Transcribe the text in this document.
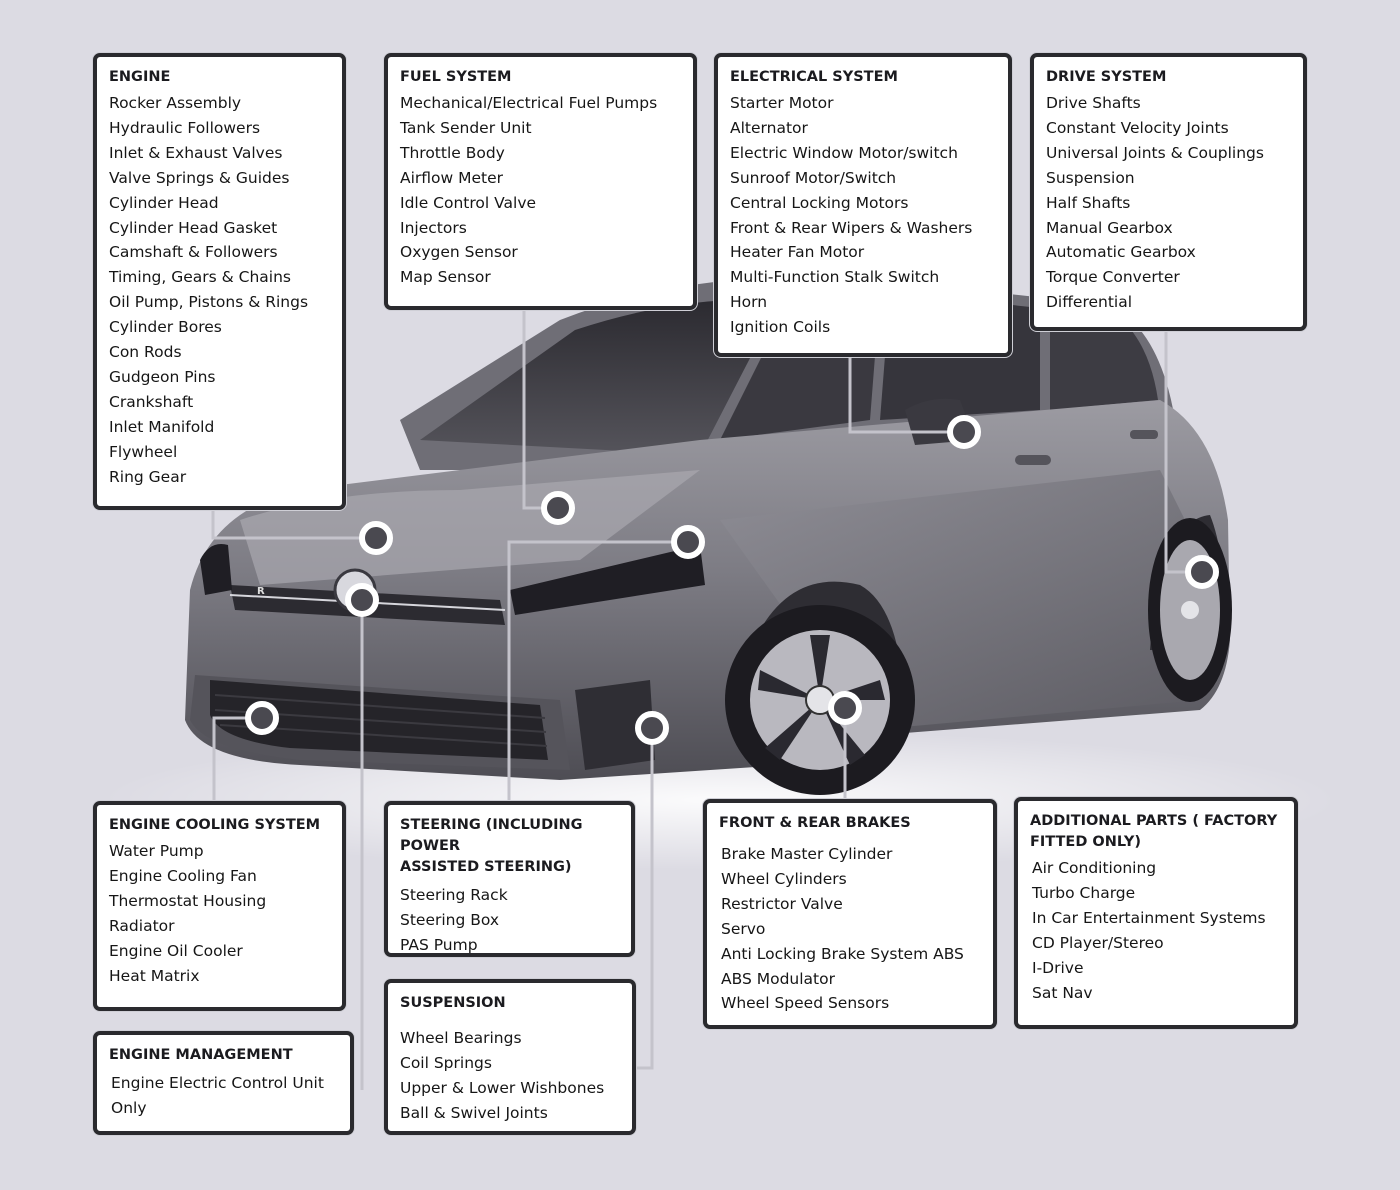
R
ENGINE
Rocker Assembly
Hydraulic Followers
Inlet & Exhaust Valves
Valve Springs & Guides
Cylinder Head
Cylinder Head Gasket
Camshaft & Followers
Timing, Gears & Chains
Oil Pump, Pistons & Rings
Cylinder Bores
Con Rods
Gudgeon Pins
Crankshaft
Inlet Manifold
Flywheel
Ring Gear
FUEL SYSTEM
Mechanical/Electrical Fuel Pumps
Tank Sender Unit
Throttle Body
Airflow Meter
Idle Control Valve
Injectors
Oxygen Sensor
Map Sensor
ELECTRICAL SYSTEM
Starter Motor
Alternator
Electric Window Motor/switch
Sunroof Motor/Switch
Central Locking Motors
Front & Rear Wipers & Washers
Heater Fan Motor
Multi-Function Stalk Switch
Horn
Ignition Coils
DRIVE SYSTEM
Drive Shafts
Constant Velocity Joints
Universal Joints & Couplings
Suspension
Half Shafts
Manual Gearbox
Automatic Gearbox
Torque Converter
Differential
ENGINE COOLING SYSTEM
Water Pump
Engine Cooling Fan
Thermostat Housing
Radiator
Engine Oil Cooler
Heat Matrix
STEERING (INCLUDING POWER
ASSISTED STEERING)
Steering Rack
Steering Box
PAS Pump
FRONT & REAR BRAKES
Brake Master Cylinder
Wheel Cylinders
Restrictor Valve
Servo
Anti Locking Brake System ABS
ABS Modulator
Wheel Speed Sensors
ADDITIONAL PARTS ( FACTORY
FITTED ONLY)
Air Conditioning
Turbo Charge
In Car Entertainment Systems
CD Player/Stereo
I-Drive
Sat Nav
ENGINE MANAGEMENT
Engine Electric Control Unit
Only
SUSPENSION
Wheel Bearings
Coil Springs
Upper & Lower Wishbones
Ball & Swivel Joints
